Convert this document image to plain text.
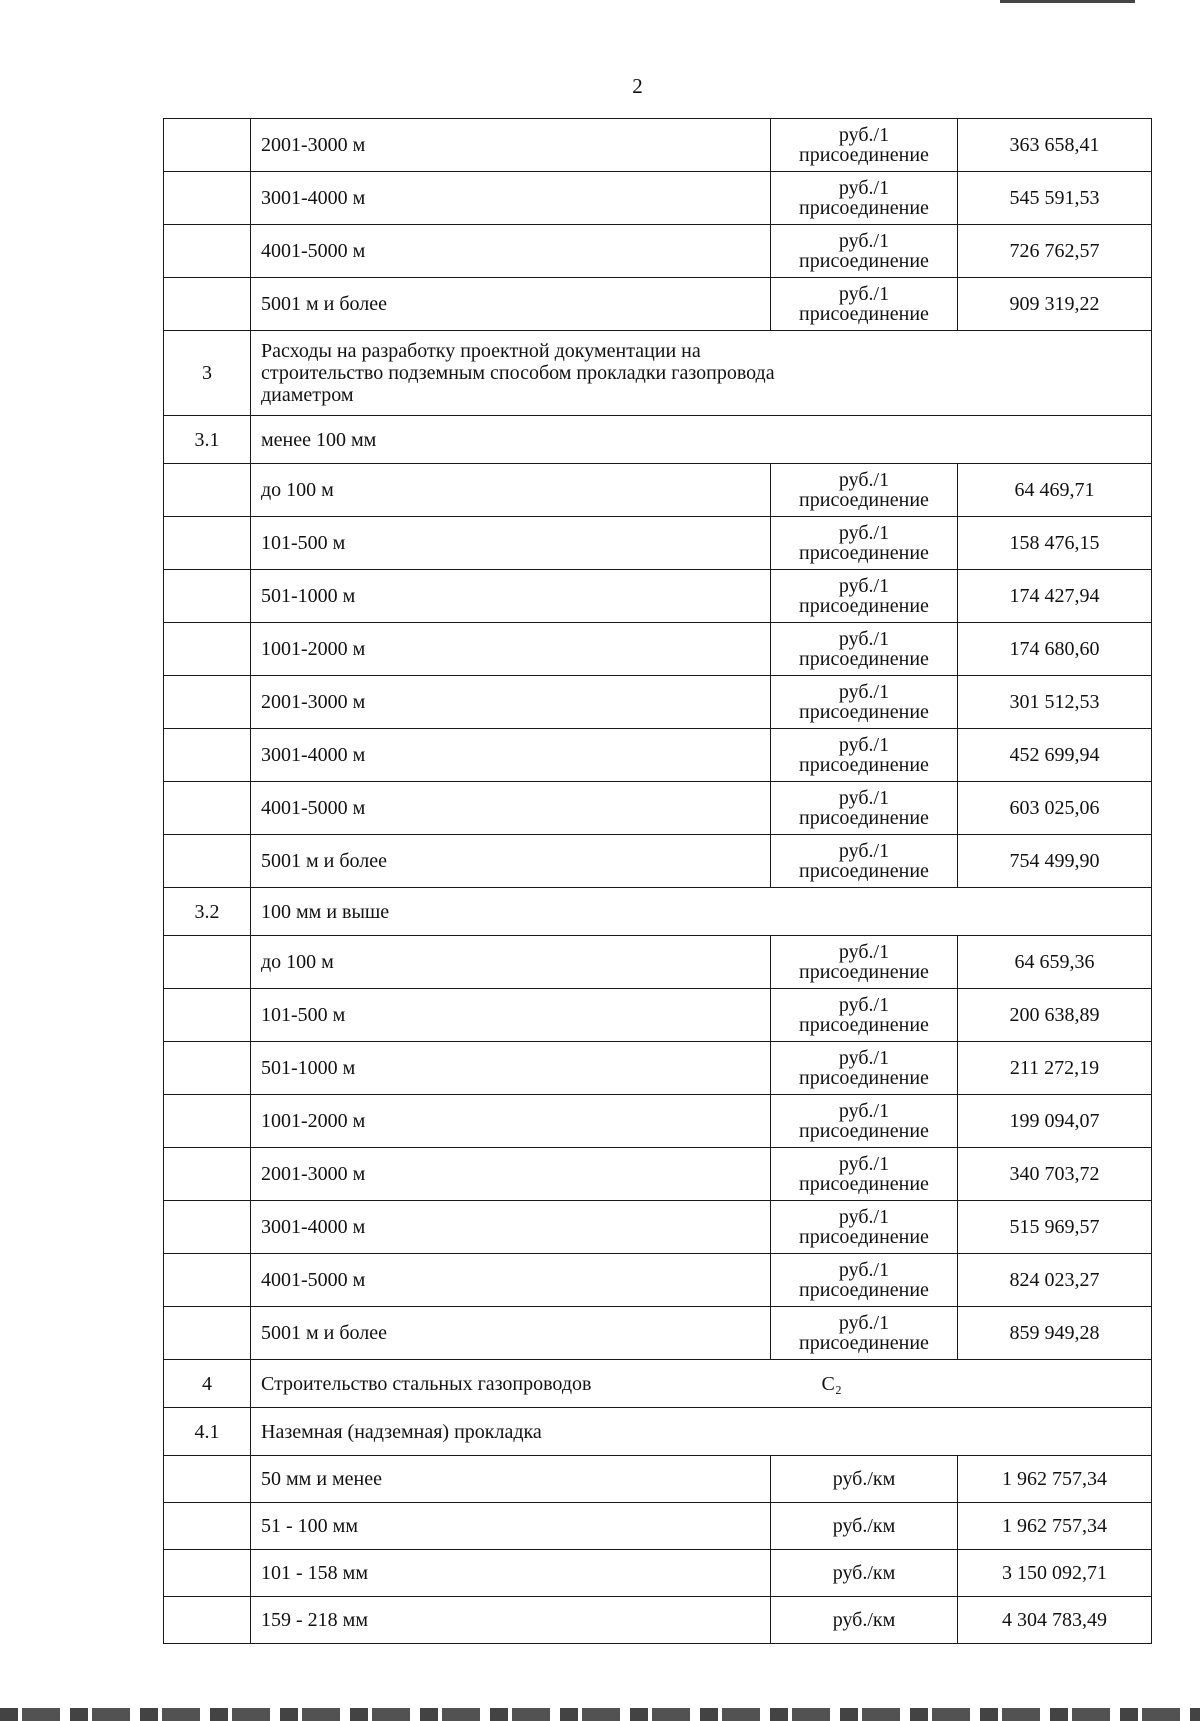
2
	2001-3000 м	руб./1
присоединение	363 658,41
	3001-4000 м	руб./1
присоединение	545 591,53
	4001-5000 м	руб./1
присоединение	726 762,57
	5001 м и более	руб./1
присоединение	909 319,22
3	Расходы на разработку проектной документации на строительство подземным способом прокладки газопровода диаметром		

3.1	менее 100 мм		
	до 100 м	руб./1
присоединение	64 469,71
	101-500 м	руб./1
присоединение	158 476,15
	501-1000 м	руб./1
присоединение	174 427,94
	1001-2000 м	руб./1
присоединение	174 680,60
	2001-3000 м	руб./1
присоединение	301 512,53
	3001-4000 м	руб./1
присоединение	452 699,94
	4001-5000 м	руб./1
присоединение	603 025,06
	5001 м и более	руб./1
присоединение	754 499,90
3.2	100 мм и выше		
	до 100 м	руб./1
присоединение	64 659,36
	101-500 м	руб./1
присоединение	200 638,89
	501-1000 м	руб./1
присоединение	211 272,19
	1001-2000 м	руб./1
присоединение	199 094,07
	2001-3000 м	руб./1
присоединение	340 703,72
	3001-4000 м	руб./1
присоединение	515 969,57
	4001-5000 м	руб./1
присоединение	824 023,27
	5001 м и более	руб./1
присоединение	859 949,28
4	Строительство стальных газопроводов C₂		
4.1	Наземная (надземная) прокладка		
	50 мм и менее	руб./км	1 962 757,34
	51 - 100 мм	руб./км	1 962 757,34
	101 - 158 мм	руб./км	3 150 092,71
	159 - 218 мм	руб./км	4 304 783,49
